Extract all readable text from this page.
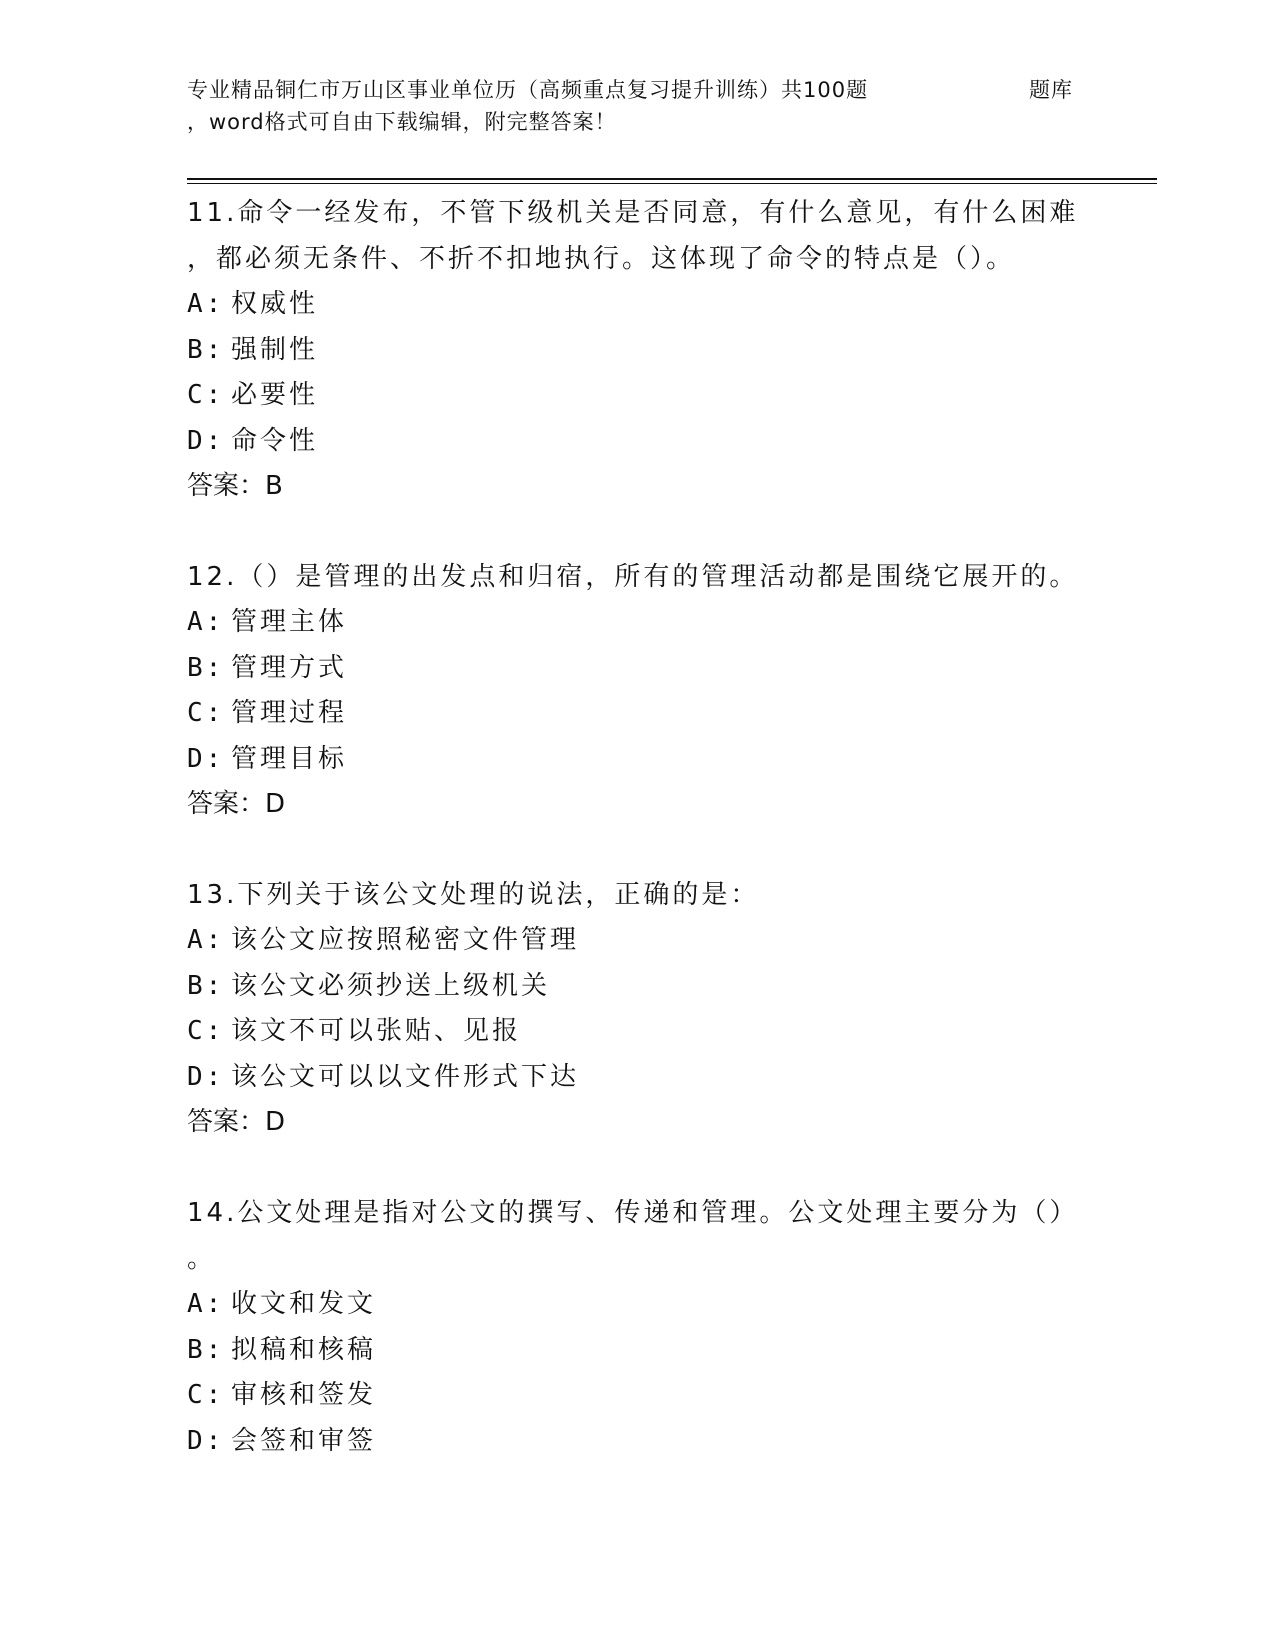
专业精品铜仁市万山区事业单位历（高频重点复习提升训练）共100题	题库
，word格式可自由下载编辑，附完整答案！
11.命令一经发布，不管下级机关是否同意，有什么意见，有什么困难
，都必须无条件、不折不扣地执行。这体现了命令的特点是（）。
A: 权威性
B: 强制性
C: 必要性
D: 命令性
答案：B
12.（）是管理的出发点和归宿，所有的管理活动都是围绕它展开的。
A: 管理主体
B: 管理方式
C: 管理过程
D: 管理目标
答案：D
13.下列关于该公文处理的说法，正确的是：
A: 该公文应按照秘密文件管理
B: 该公文必须抄送上级机关
C: 该文不可以张贴、见报
D: 该公文可以以文件形式下达
答案：D
14.公文处理是指对公文的撰写、传递和管理。公文处理主要分为（）
。
A: 收文和发文
B: 拟稿和核稿
C: 审核和签发
D: 会签和审签
